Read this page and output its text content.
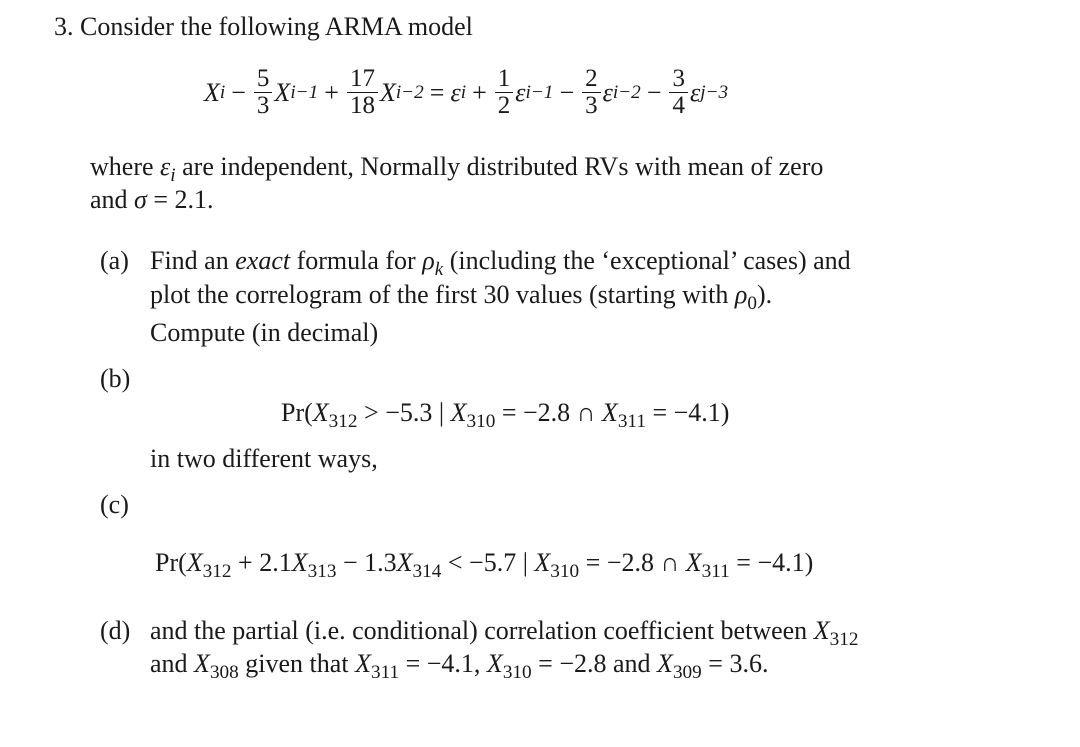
3. Consider the following ARMA model
X $i - \frac{5}{3}$ X $i-1 + \frac{17}{18}$ X i−2 = ε $i + \frac{1}{2}$ ε $i-1 - \frac{2}{3}$ ε $i-2 - \frac{3}{4}$ ε j−3
where $\varepsilon_i$ are independent, Normally distributed RVs with mean of zero
and σ = 2.1.
(a) Find an exact formula for $\rho_k$ (including the ‘exceptional’ cases) and
plot the correlogram of the first 30 values (starting with $\rho_0$).
Compute (in decimal)
(b)
$Pr(X_{312} > -5.3$ | $X_{310} = -2.8$ ∩ $X_{311} = -4.1$)
in two different ways,
(c)
$Pr(X_{312} + 2.1X_{313} - 1.3X_{314} < -5.7$ | $X_{310} = -2.8$ ∩ $X_{311} = -4.1$)
(d) and the partial (i.e. conditional) correlation coefficient between $X_{312}$
and $X_{308}$ given that $X_{311} = -4.1$, $X_{310} = -2.8$ and $X_{309} = 3.6$.
